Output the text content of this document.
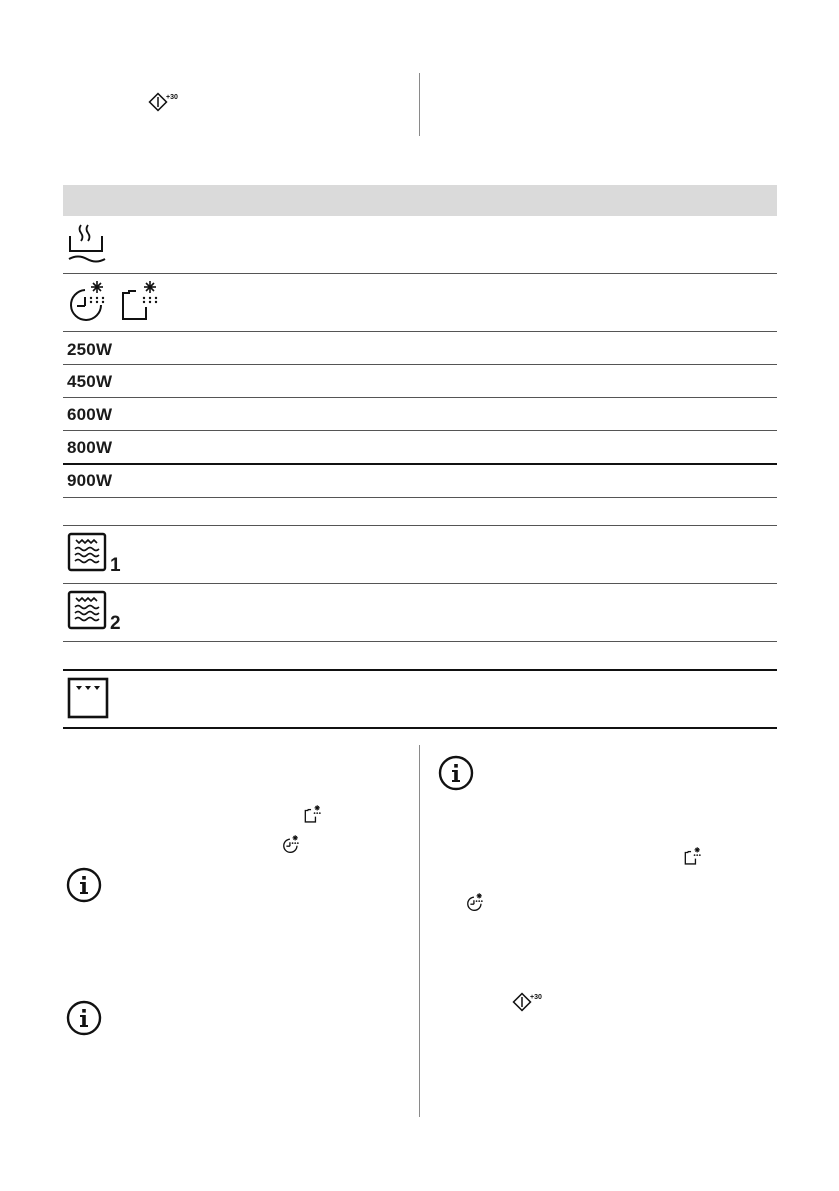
+30
250W
450W
600W
800W
900W
1
2
+30
